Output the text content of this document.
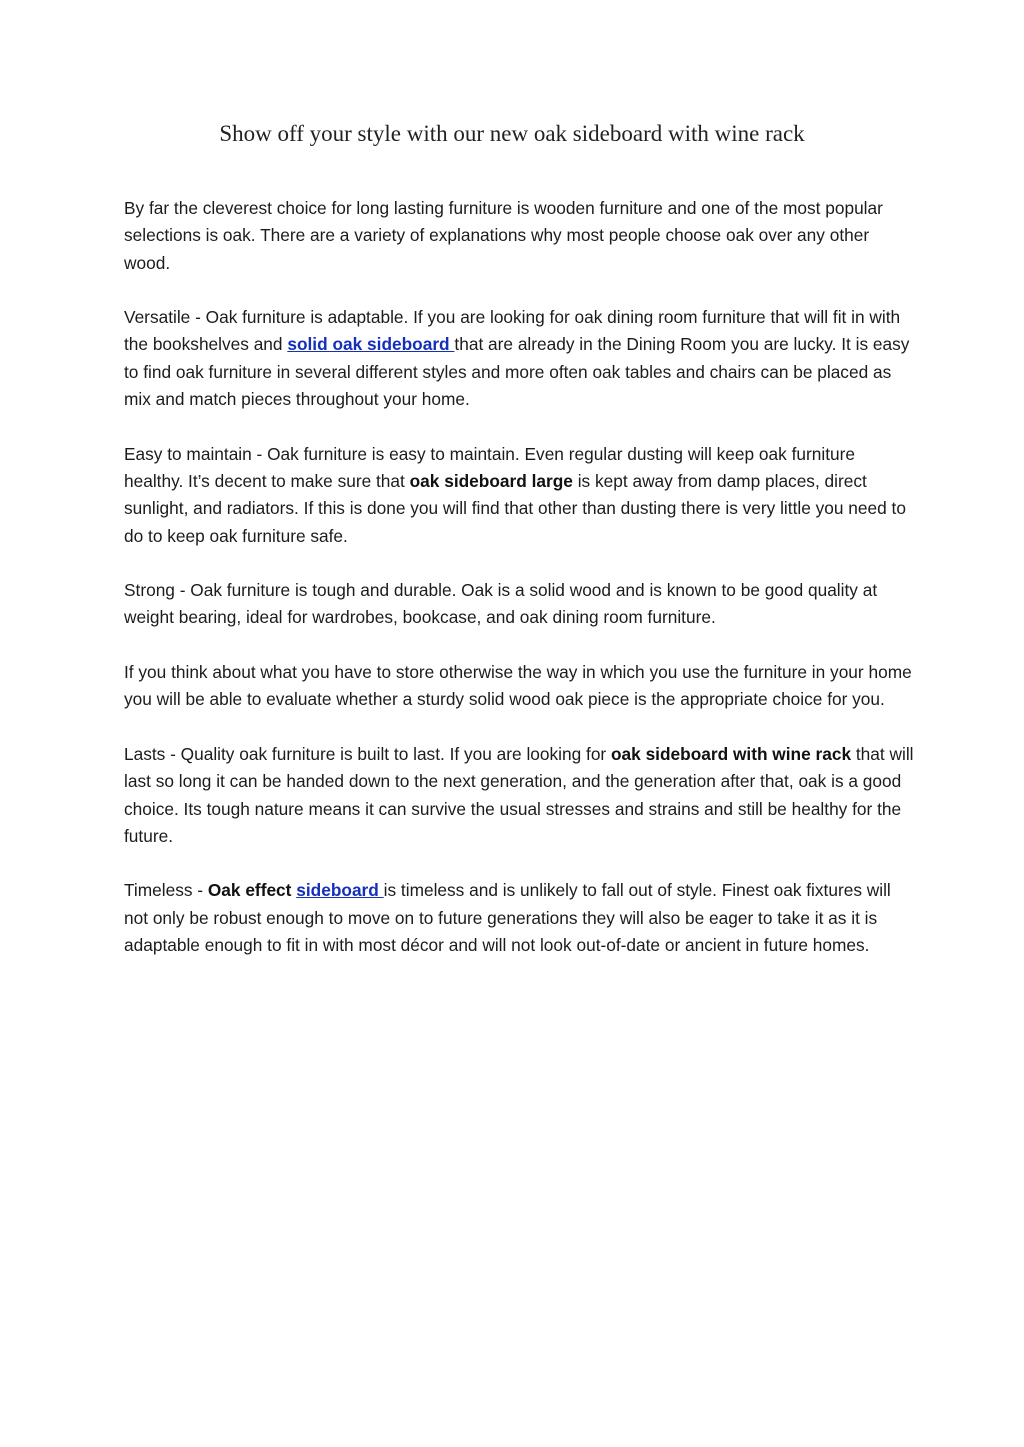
Show off your style with our new oak sideboard with wine rack

By far the cleverest choice for long lasting furniture is wooden furniture and one of the most popular selections is oak. There are a variety of explanations why most people choose oak over any other wood.

Versatile - Oak furniture is adaptable. If you are looking for oak dining room furniture that will fit in with the bookshelves and solid oak sideboard that are already in the Dining Room you are lucky. It is easy to find oak furniture in several different styles and more often oak tables and chairs can be placed as mix and match pieces throughout your home.

Easy to maintain - Oak furniture is easy to maintain. Even regular dusting will keep oak furniture healthy. It’s decent to make sure that oak sideboard large is kept away from damp places, direct sunlight, and radiators. If this is done you will find that other than dusting there is very little you need to do to keep oak furniture safe.

Strong - Oak furniture is tough and durable. Oak is a solid wood and is known to be good quality at weight bearing, ideal for wardrobes, bookcase, and oak dining room furniture.

If you think about what you have to store otherwise the way in which you use the furniture in your home you will be able to evaluate whether a sturdy solid wood oak piece is the appropriate choice for you.

Lasts - Quality oak furniture is built to last. If you are looking for oak sideboard with wine rack that will last so long it can be handed down to the next generation, and the generation after that, oak is a good choice. Its tough nature means it can survive the usual stresses and strains and still be healthy for the future.

Timeless - Oak effect sideboard is timeless and is unlikely to fall out of style. Finest oak fixtures will not only be robust enough to move on to future generations they will also be eager to take it as it is adaptable enough to fit in with most décor and will not look out-of-date or ancient in future homes.
